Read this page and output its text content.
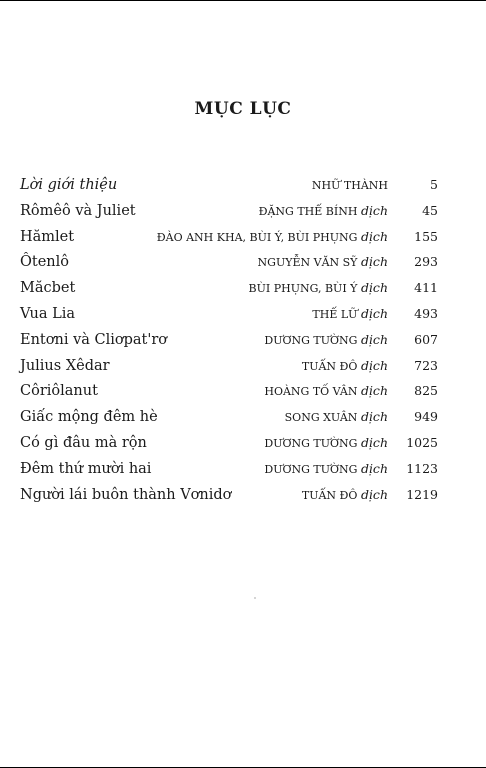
MỤC LỤC
Lời giới thiệu	NHỮ THÀNH	5
Rômêô và Juliet	ĐẶNG THẾ BÍNH dịch	45
Hămlet	ĐÀO ANH KHA, BÙI Ý, BÙI PHỤNG dịch 155
Ôtenlô	NGUYỄN VĂN SỸ dịch 293
Măcbet	BÙI PHỤNG, BÙI Ý dịch 411
Vua Lia	THẾ LỮ dịch 493
Entơni và Cliơpat'rơ	DƯƠNG TƯỜNG dịch 607
Julius Xêdar	TUẤN ĐÔ dịch 723
Côriôlanut	HOÀNG TỐ VÂN dịch 825
Giấc mộng đêm hè	SONG XUÂN dịch 949
Có gì đâu mà rộn	DƯƠNG TƯỜNG dịch 1025
Đêm thứ mười hai	DƯƠNG TƯỜNG dịch 1123
Người lái buôn thành Vơnidơ	TUẤN ĐÔ dịch 1219
